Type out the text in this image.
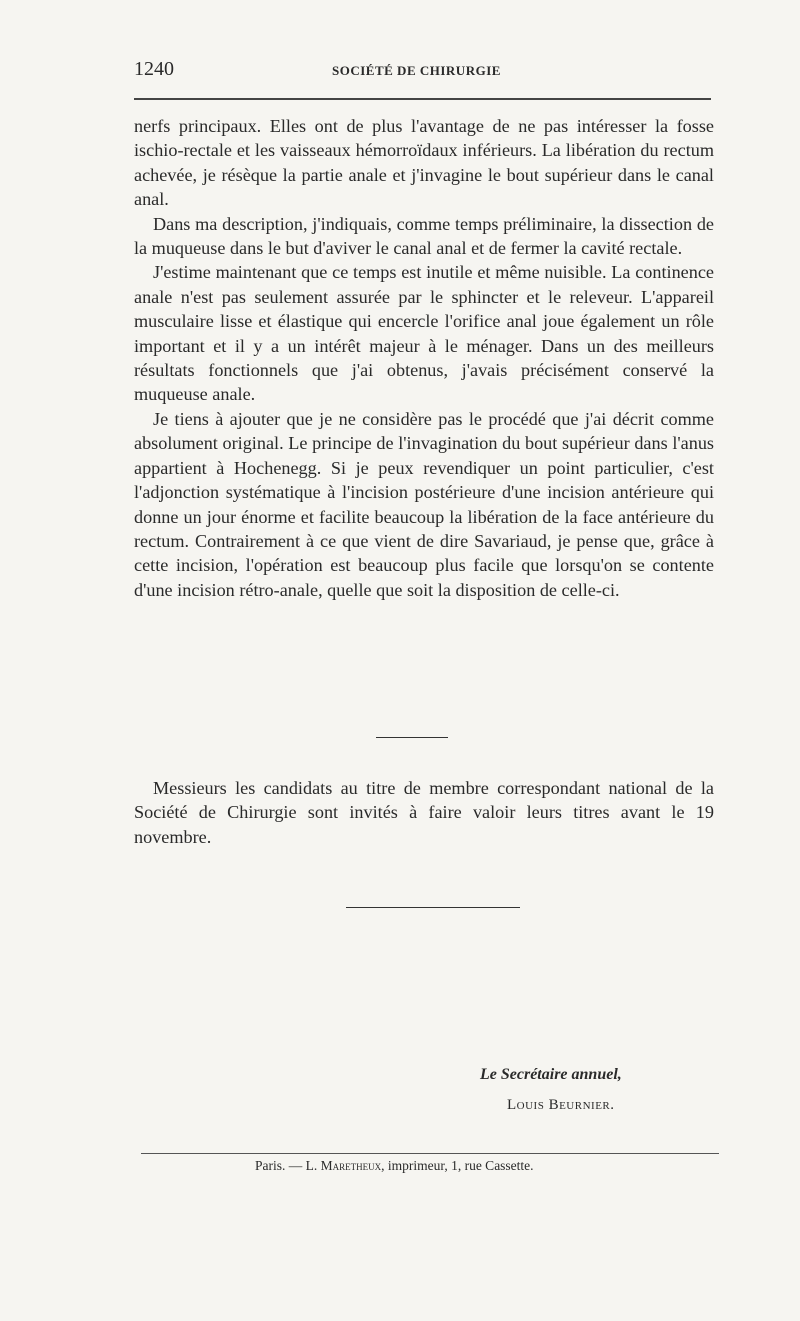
1240	SOCIÉTÉ DE CHIRURGIE

nerfs principaux. Elles ont de plus l'avantage de ne pas intéresser la fosse ischio-rectale et les vaisseaux hémorroïdaux inférieurs. La libération du rectum achevée, je résèque la partie anale et j'invagine le bout supérieur dans le canal anal.

Dans ma description, j'indiquais, comme temps préliminaire, la dissection de la muqueuse dans le but d'aviver le canal anal et de fermer la cavité rectale.

J'estime maintenant que ce temps est inutile et même nuisible. La continence anale n'est pas seulement assurée par le sphincter et le releveur. L'appareil musculaire lisse et élastique qui encercle l'orifice anal joue également un rôle important et il y a un intérêt majeur à le ménager. Dans un des meilleurs résultats fonctionnels que j'ai obtenus, j'avais précisément conservé la muqueuse anale.

Je tiens à ajouter que je ne considère pas le procédé que j'ai décrit comme absolument original. Le principe de l'invagination du bout supérieur dans l'anus appartient à Hochenegg. Si je peux revendiquer un point particulier, c'est l'adjonction systématique à l'incision postérieure d'une incision antérieure qui donne un jour énorme et facilite beaucoup la libération de la face antérieure du rectum. Contrairement à ce que vient de dire Savariaud, je pense que, grâce à cette incision, l'opération est beaucoup plus facile que lorsqu'on se contente d'une incision rétro-anale, quelle que soit la disposition de celle-ci.

Messieurs les candidats au titre de membre correspondant national de la Société de Chirurgie sont invités à faire valoir leurs titres avant le 19 novembre.

Le Secrétaire annuel,
Louis Beurnier.
Paris. — L. Maretheux, imprimeur, 1, rue Cassette.
